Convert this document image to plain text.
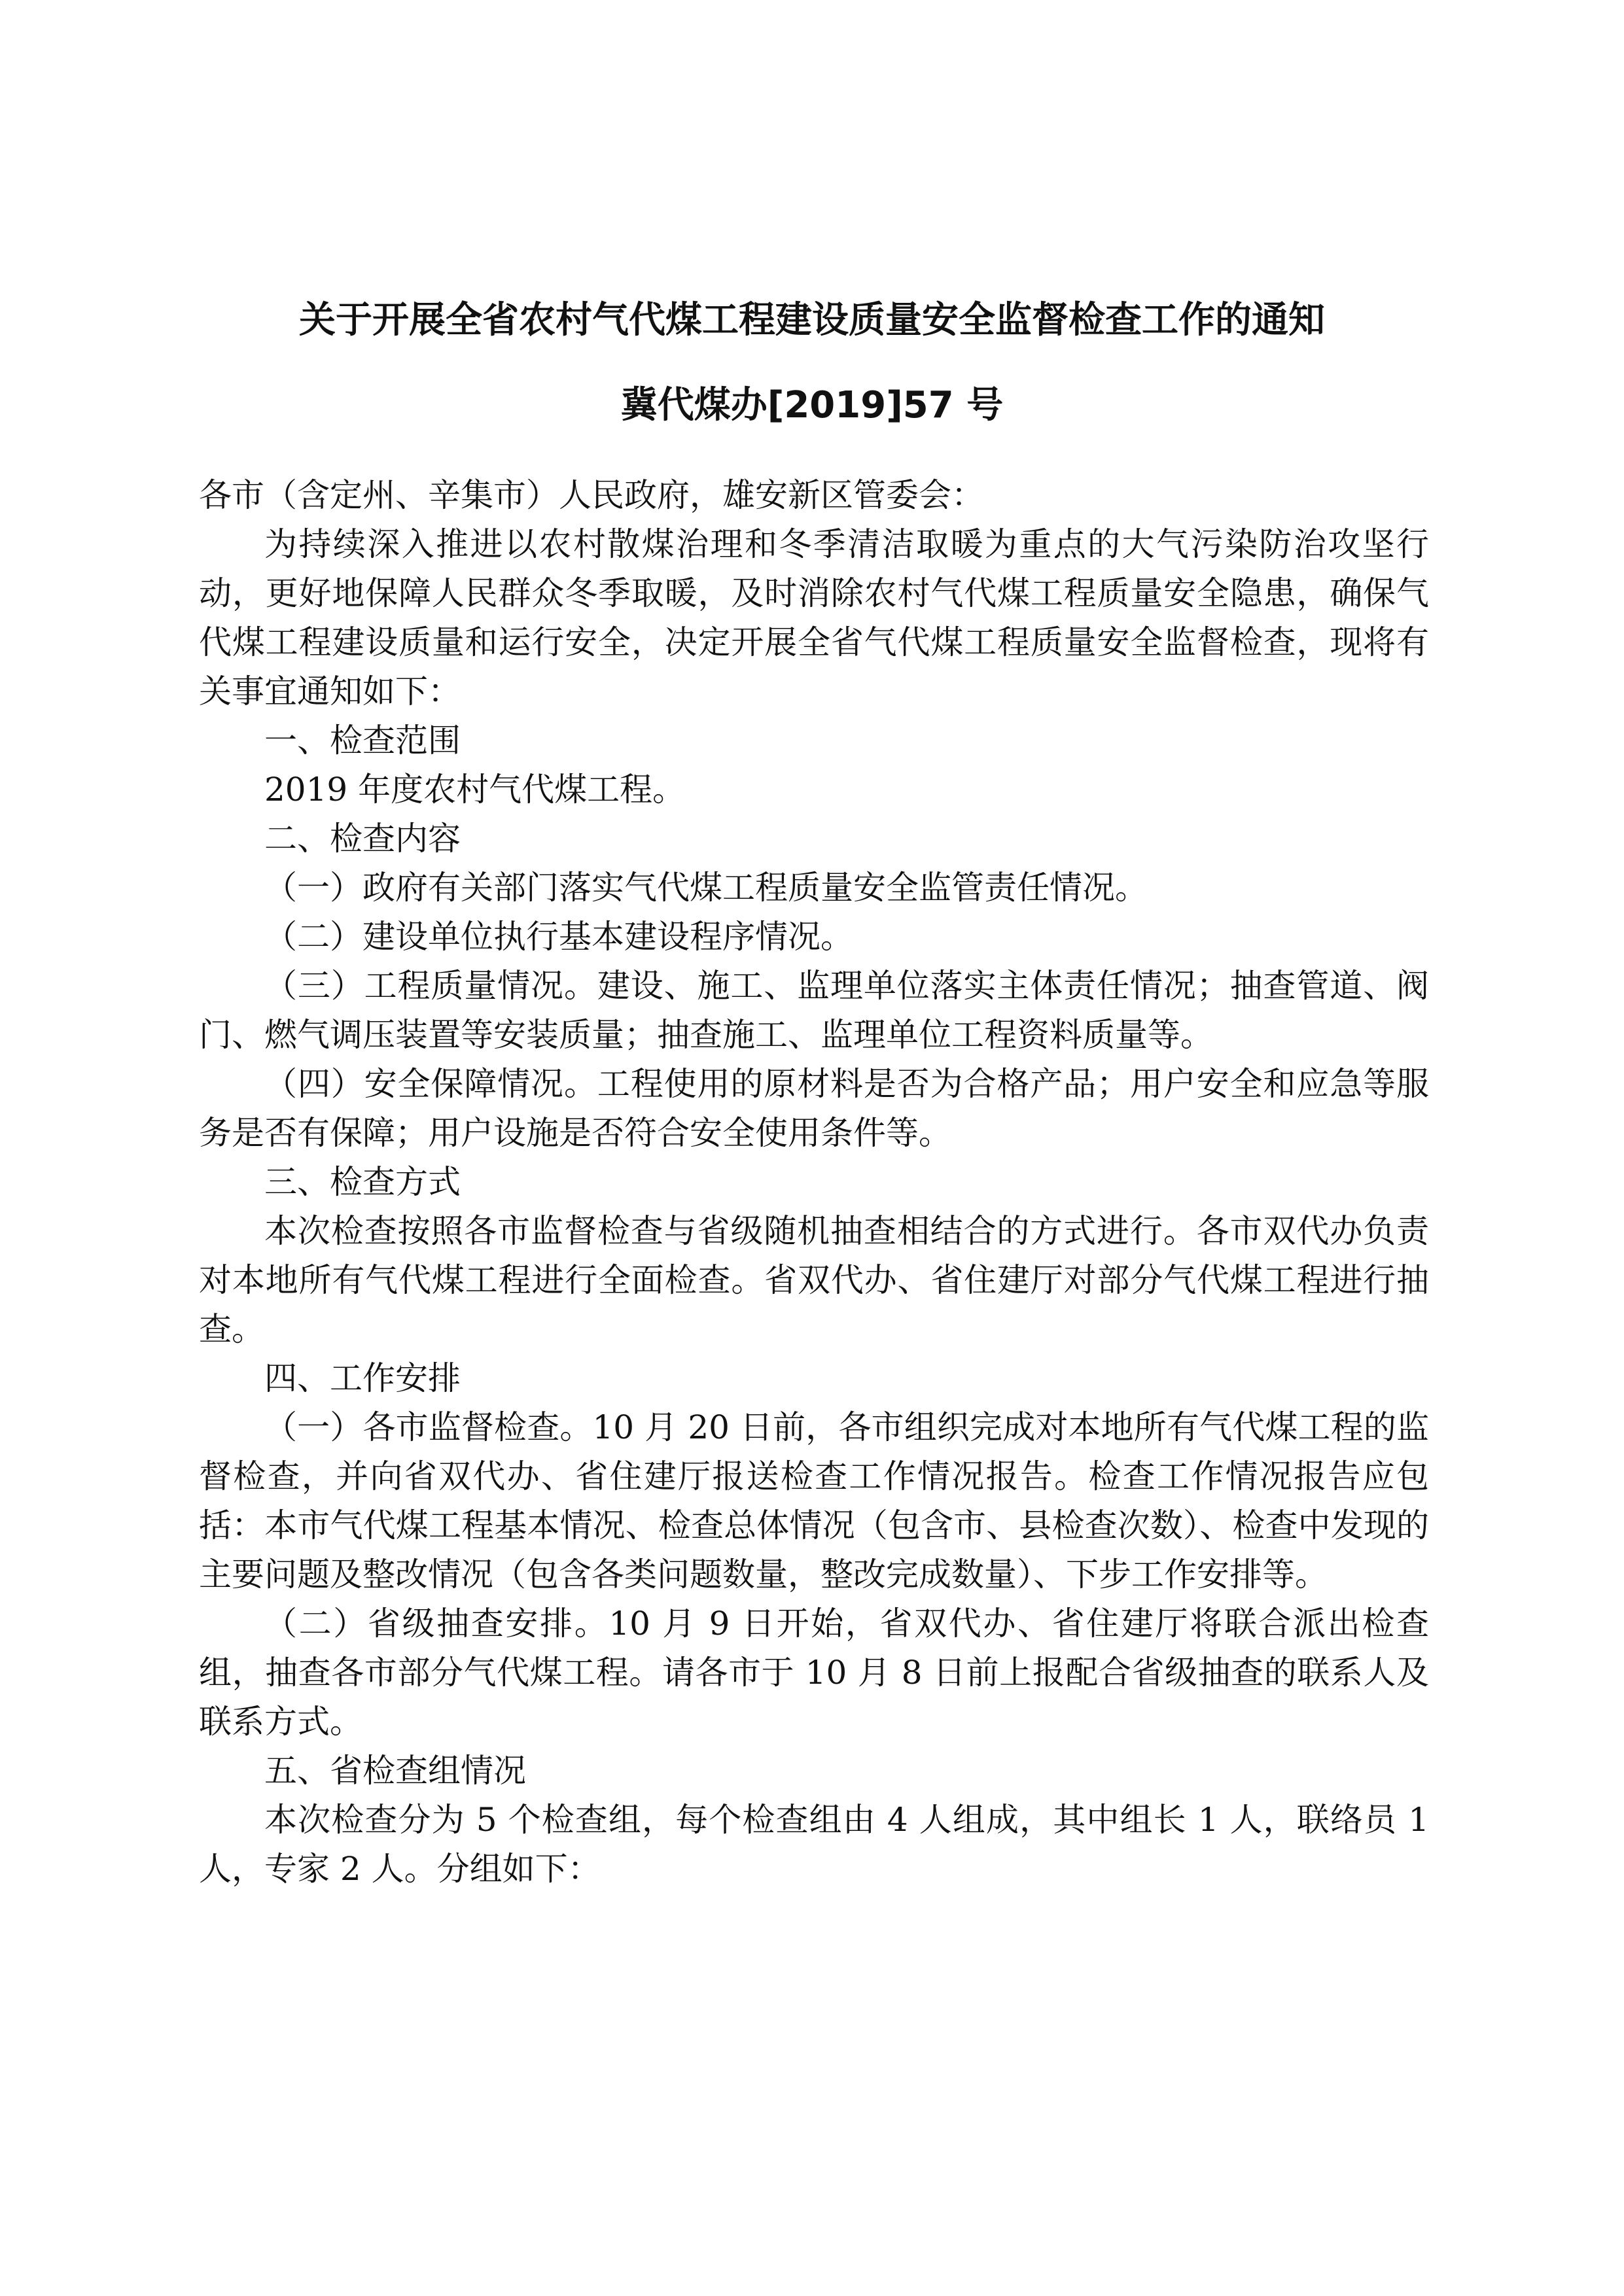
关于开展全省农村气代煤工程建设质量安全监督检查工作的通知
冀代煤办[2019]57 号

各市（含定州、辛集市）人民政府，雄安新区管委会：

为持续深入推进以农村散煤治理和冬季清洁取暖为重点的大气污染防治攻坚行动，更好地保障人民群众冬季取暖，及时消除农村气代煤工程质量安全隐患，确保气代煤工程建设质量和运行安全，决定开展全省气代煤工程质量安全监督检查，现将有关事宜通知如下：

一、检查范围

2019 年度农村气代煤工程。

二、检查内容

（一）政府有关部门落实气代煤工程质量安全监管责任情况。

（二）建设单位执行基本建设程序情况。

（三）工程质量情况。建设、施工、监理单位落实主体责任情况；抽查管道、阀门、燃气调压装置等安装质量；抽查施工、监理单位工程资料质量等。

（四）安全保障情况。工程使用的原材料是否为合格产品；用户安全和应急等服务是否有保障；用户设施是否符合安全使用条件等。

三、检查方式

本次检查按照各市监督检查与省级随机抽查相结合的方式进行。各市双代办负责对本地所有气代煤工程进行全面检查。省双代办、省住建厅对部分气代煤工程进行抽查。

四、工作安排

（一）各市监督检查。10 月 20 日前，各市组织完成对本地所有气代煤工程的监督检查，并向省双代办、省住建厅报送检查工作情况报告。检查工作情况报告应包括：本市气代煤工程基本情况、检查总体情况（包含市、县检查次数）、检查中发现的主要问题及整改情况（包含各类问题数量，整改完成数量）、下步工作安排等。

（二）省级抽查安排。10 月 9 日开始，省双代办、省住建厅将联合派出检查组，抽查各市部分气代煤工程。请各市于 10 月 8 日前上报配合省级抽查的联系人及联系方式。

五、省检查组情况

本次检查分为 5 个检查组，每个检查组由 4 人组成，其中组长 1 人，联络员 1 人，专家 2 人。分组如下：
